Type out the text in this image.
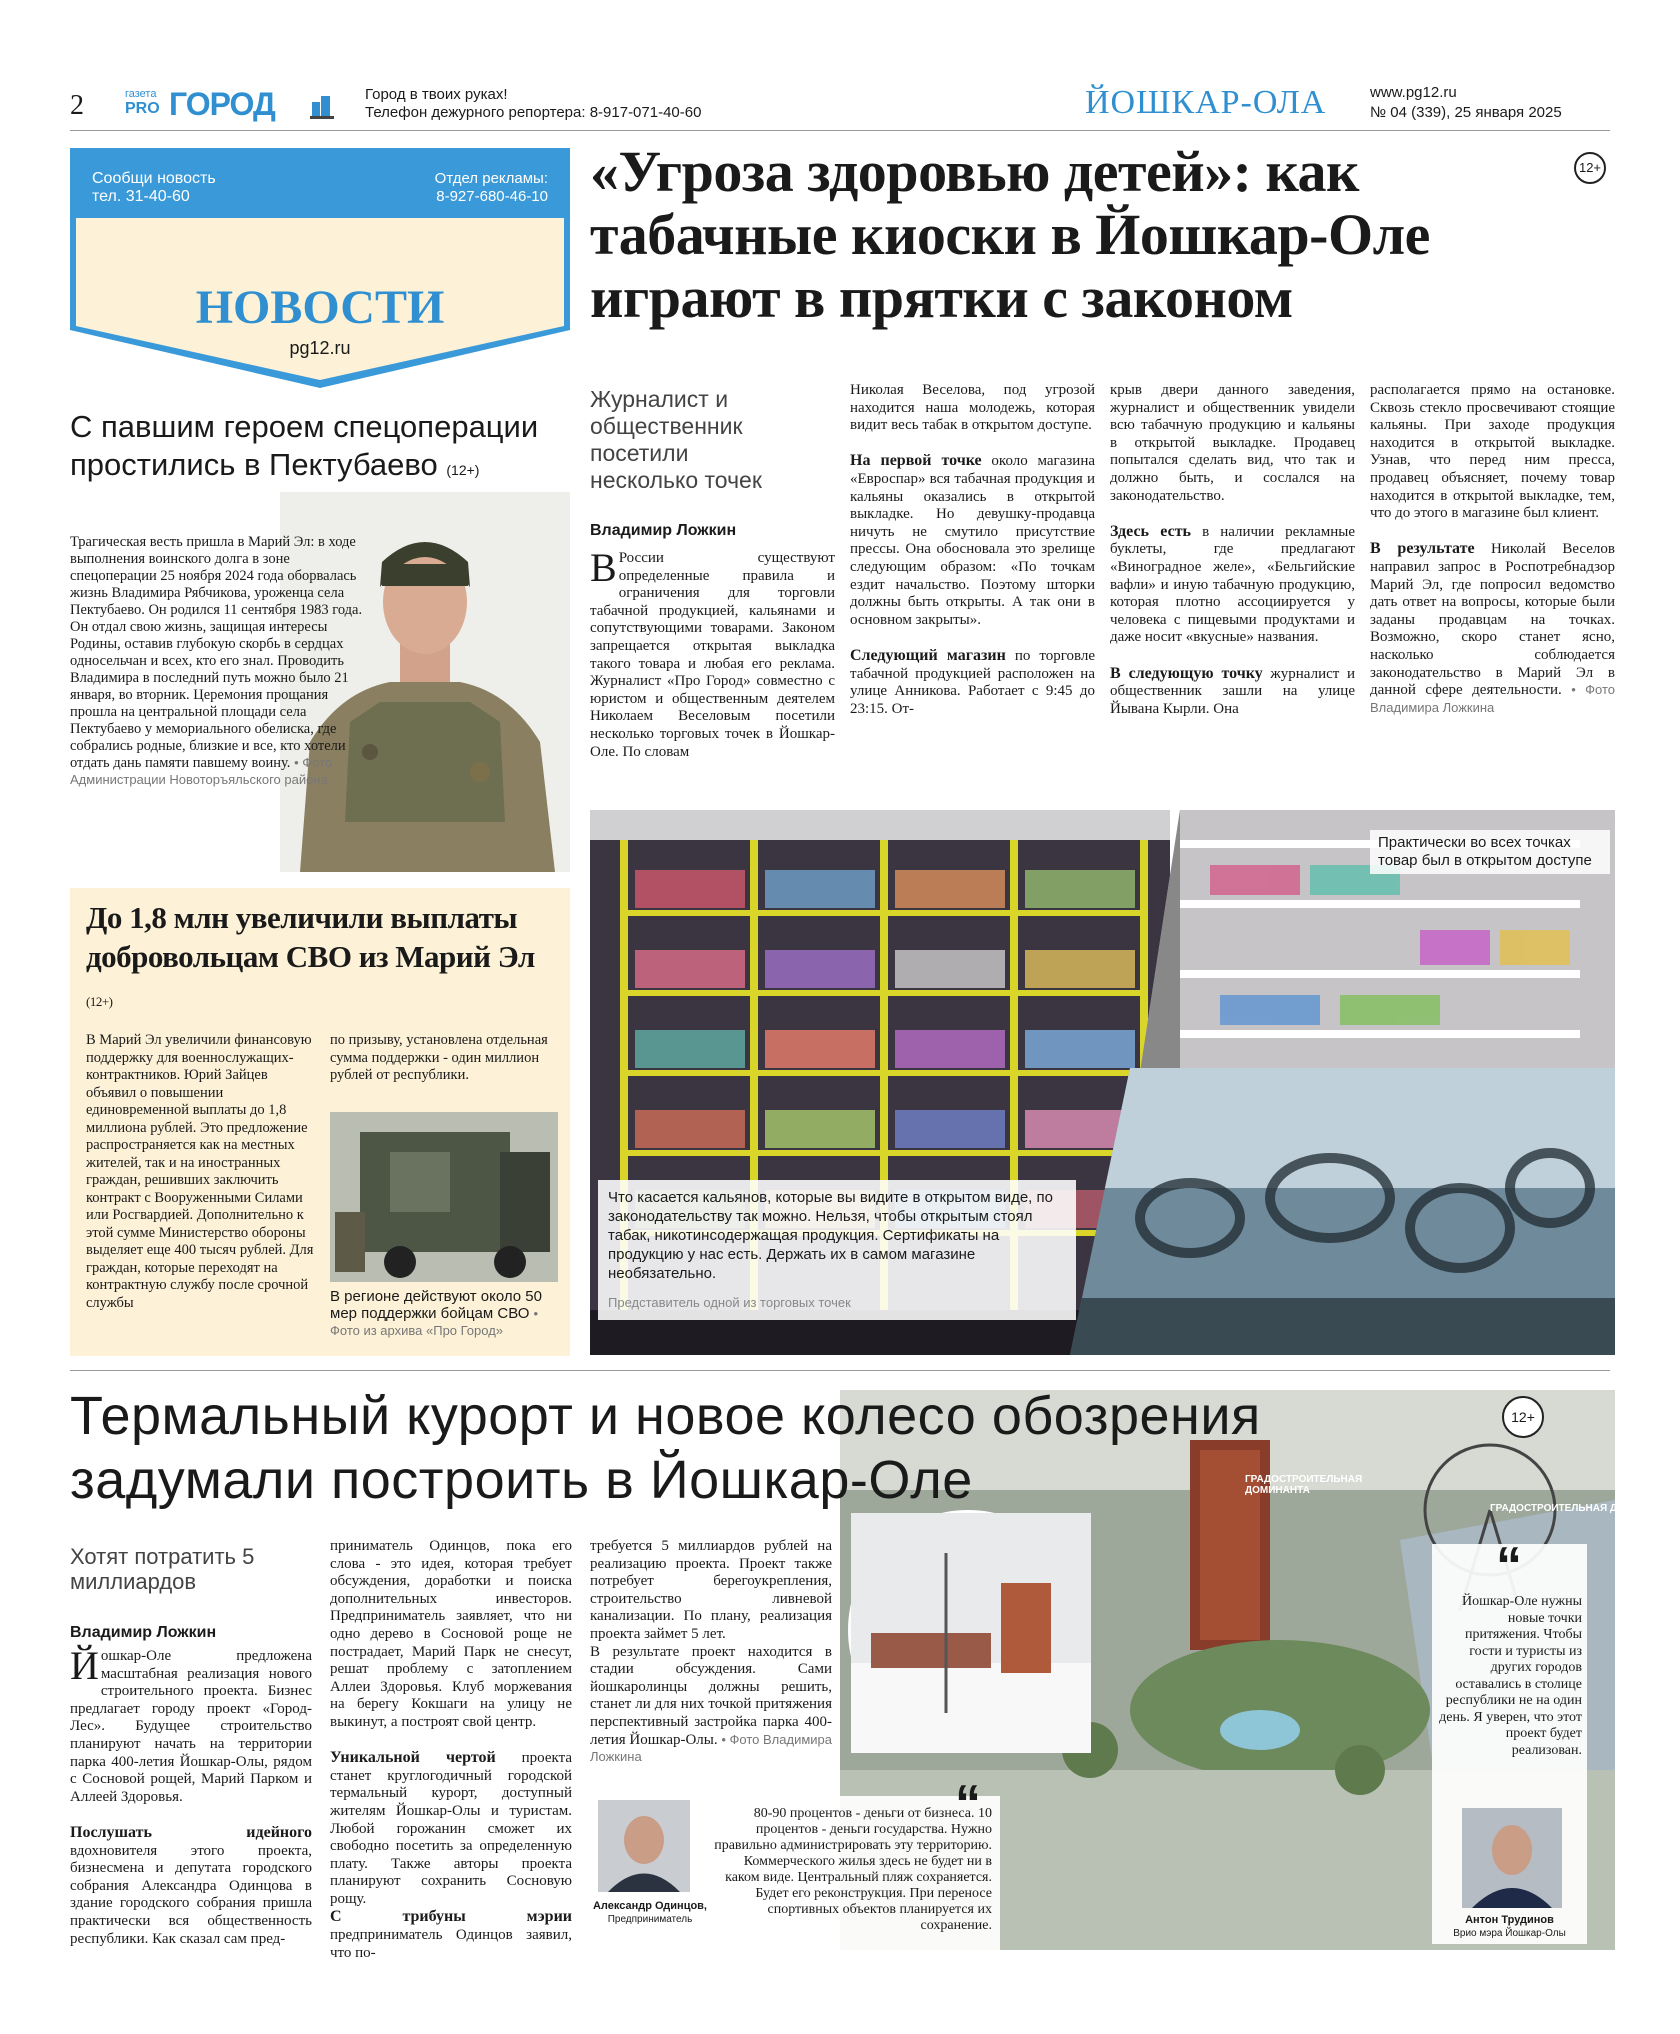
2	газета
PRO ГОРОД	Город в твоих руках!
Телефон дежурного репортера: 8-917-071-40-60	ЙОШКАР-ОЛА	www.pg12.ru
№ 04 (339), 25 января 2025
Сообщи новость
тел. 31-40-60
Отдел рекламы:
8-927-680-46-10
НОВОСТИ
pg12.ru
С павшим героем спецоперации простились в Пектубаево (12+)
Трагическая весть пришла в Марий Эл: в ходе выполнения воинского долга в зоне спецоперации 25 ноября 2024 года оборвалась жизнь Владимира Рябчикова, уроженца села Пектубаево. Он родился 11 сентября 1983 года. Он отдал свою жизнь, защищая интересы Родины, оставив глубокую скорбь в сердцах односельчан и всех, кто его знал. Проводить Владимира в последний путь можно было 21 января, во вторник. Церемония прощания прошла на центральной площади села Пектубаево у мемориального обелиска, где собрались родные, близкие и все, кто хотели отдать дань памяти павшему воину. • Фото Администрации Новоторъяльского района
До 1,8 млн увеличили выплаты добровольцам СВО из Марий Эл (12+)
В Марий Эл увеличили финансовую поддержку для военнослужащих-контрактников. Юрий Зайцев объявил о повышении единовременной выплаты до 1,8 миллиона рублей. Это предложение распространяется как на местных жителей, так и на иностранных граждан, решивших заключить контракт с Вооруженными Силами или Росгвардией. Дополнительно к этой сумме Министерство обороны выделяет еще 400 тысяч рублей. Для граждан, которые переходят на контрактную службу после срочной службы
по призыву, установлена отдельная сумма поддержки - один миллион рублей от республики.
В регионе действуют около 50 мер поддержки бойцам СВО • Фото из архива «Про Город»
«Угроза здоровью детей»: как табачные киоски в Йошкар-Оле играют в прятки с законом
12+
Журналист и общественник посетили несколько точек
Владимир Ложкин
В России существуют определенные правила и ограничения для торговли табачной продукцией, кальянами и сопутствующими товарами. Законом запрещается открытая выкладка такого товара и любая его реклама. Журналист «Про Город» совместно с юристом и общественным деятелем Николаем Веселовым посетили несколько торговых точек в Йошкар-Оле. По словам
Николая Веселова, под угрозой находится наша молодежь, которая видит весь табак в открытом доступе.

На первой точке около магазина «Евроспар» вся табачная продукция и кальяны оказались в открытой выкладке. Но девушку-продавца ничуть не смутило присутствие прессы. Она обосновала это зрелище следующим образом: «По точкам ездит начальство. Поэтому шторки должны быть открыты. А так они в основном закрыты».

Следующий магазин по торговле табачной продукцией расположен на улице Анникова. Работает с 9:45 до 23:15. От-
крыв двери данного заведения, журналист и общественник увидели всю табачную продукцию и кальяны в открытой выкладке. Продавец попытался сделать вид, что так и должно быть, и сослался на законодательство.

Здесь есть в наличии рекламные буклеты, где предлагают «Виноградное желе», «Бельгийские вафли» и иную табачную продукцию, которая плотно ассоциируется у человека с пищевыми продуктами и даже носит «вкусные» названия.

В следующую точку журналист и общественник зашли на улице Йывана Кырли. Она
располагается прямо на остановке. Сквозь стекло просвечивают стоящие кальяны. При заходе продукция находится в открытой выкладке. Узнав, что перед ним пресса, продавец объясняет, почему товар находится в открытой выкладке, тем, что до этого в магазине был клиент.

В результате Николай Веселов направил запрос в Роспотребнадзор Марий Эл, где попросил ведомство дать ответ на вопросы, которые были заданы продавцам на точках. Возможно, скоро станет ясно, насколько соблюдается законодательство в Марий Эл в данной сфере деятельности. • Фото Владимира Ложкина
Практически во всех точках товар был в открытом доступе
Что касается кальянов, которые вы видите в открытом виде, по законодательству так можно. Нельзя, чтобы открытым стоял табак, никотинсодержащая продукция. Сертификаты на продукцию у нас есть. Держать их в самом магазине необязательно.
Представитель одной из торговых точек
ГРАДОСТРОИТЕЛЬНАЯ ДОМИНАНТА
ГРАДОСТРОИТЕЛЬНАЯ ДОМИ
Термальный курорт и новое колесо обозрения задумали построить в Йошкар-Оле
12+
Хотят потратить 5 миллиардов
Владимир Ложкин
Йошкар-Оле предложена масштабная реализация нового строительного проекта. Бизнес предлагает городу проект «Город-Лес». Будущее строительство планируют начать на территории парка 400-летия Йошкар-Олы, рядом с Сосновой рощей, Марий Парком и Аллеей Здоровья.

Послушать идейного вдохновителя этого проекта, бизнесмена и депутата городского собрания Александра Одинцова в здание городского собрания пришла практически вся общественность республики. Как сказал сам пред-
приниматель Одинцов, пока его слова - это идея, которая требует обсуждения, доработки и поиска дополнительных инвесторов. Предприниматель заявляет, что ни одно дерево в Сосновой роще не пострадает, Марий Парк не снесут, решат проблему с затоплением Аллеи Здоровья. Клуб моржевания на берегу Кокшаги на улицу не выкинут, а построят свой центр.

Уникальной чертой проекта станет круглогодичный городской термальный курорт, доступный жителям Йошкар-Олы и туристам. Любой горожанин сможет их свободно посетить за определенную плату. Также авторы проекта планируют сохранить Сосновую рощу.
С трибуны мэрии предприниматель Одинцов заявил, что по-
требуется 5 миллиардов рублей на реализацию проекта. Проект также потребует берегоукрепления, строительство ливневой канализации. По плану, реализация проекта займет 5 лет.
В результате проект находится в стадии обсуждения. Сами йошкаролинцы должны решить, станет ли для них точкой притяжения перспективный застройка парка 400-летия Йошкар-Олы. • Фото Владимира Ложкина
“
Александр Одинцов,
Предприниматель
80-90 процентов - деньги от бизнеса. 10 процентов - деньги государства. Нужно правильно администрировать эту территорию. Коммерческого жилья здесь не будет ни в каком виде. Центральный пляж сохраняется. Будет его реконструкция. При переносе спортивных объектов планируется их сохранение.
“
Йошкар-Оле нужны новые точки притяжения. Чтобы гости и туристы из других городов оставались в столице республики не на один день. Я уверен, что этот проект будет реализован.
Антон Трудинов
Врио мэра Йошкар-Олы
